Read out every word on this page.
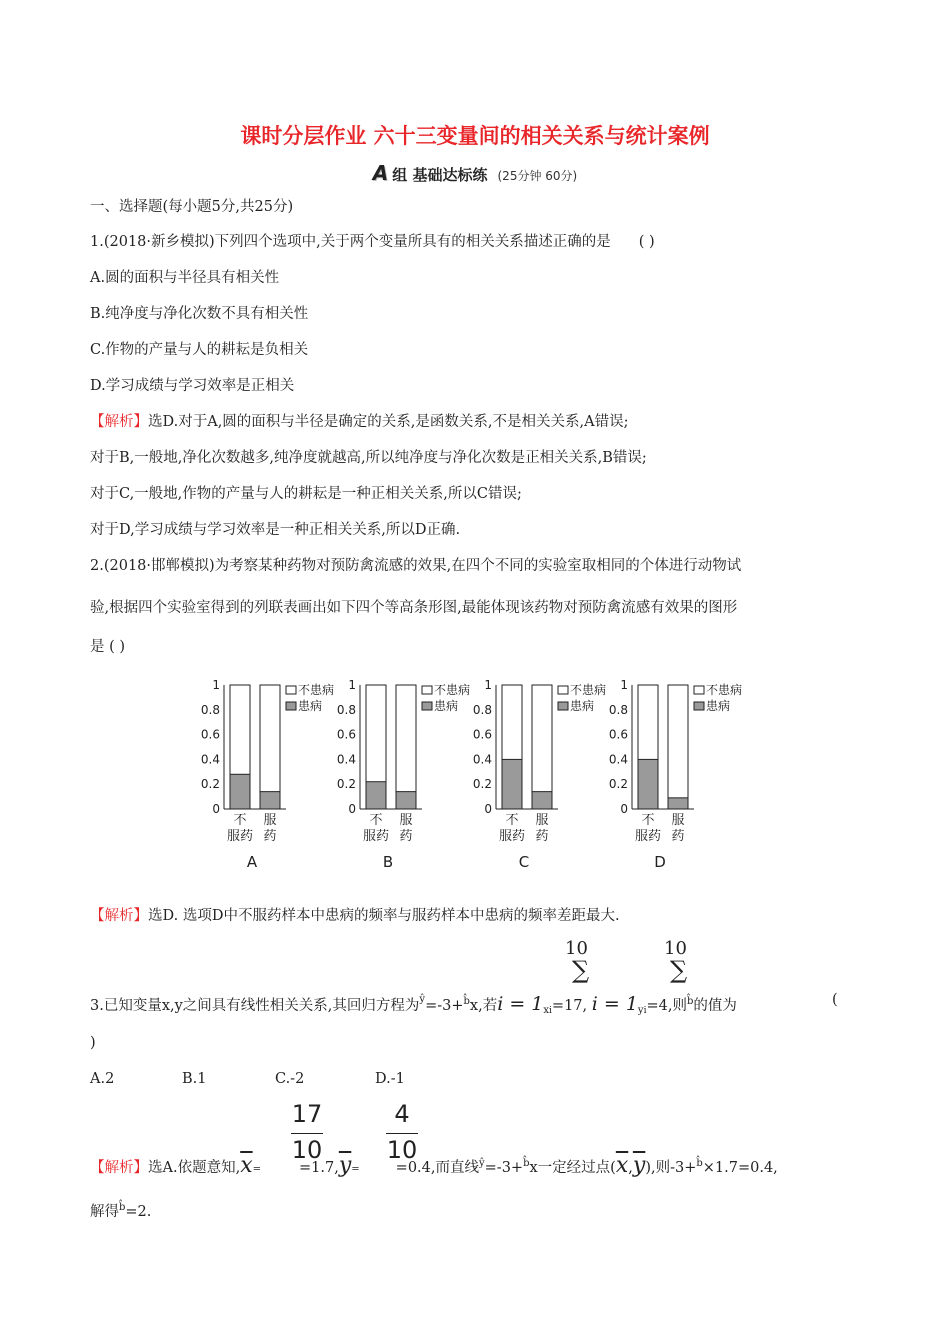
课时分层作业 六十三变量间的相关关系与统计案例
A 组 基础达标练 (25分钟 60分)
一、选择题(每小题5分,共25分)
1.(2018·新乡模拟)下列四个选项中,关于两个变量所具有的相关关系描述正确的是 ( )
A.圆的面积与半径具有相关性
B.纯净度与净化次数不具有相关性
C.作物的产量与人的耕耘是负相关
D.学习成绩与学习效率是正相关
【解析】选D.对于A,圆的面积与半径是确定的关系,是函数关系,不是相关关系,A错误;
对于B,一般地,净化次数越多,纯净度就越高,所以纯净度与净化次数是正相关关系,B错误;
对于C,一般地,作物的产量与人的耕耘是一种正相关关系,所以C错误;
对于D,学习成绩与学习效率是一种正相关关系,所以D正确.
2.(2018·邯郸模拟)为考察某种药物对预防禽流感的效果,在四个不同的实验室取相同的个体进行动物试
验,根据四个实验室得到的列联表画出如下四个等高条形图,最能体现该药物对预防禽流感有效果的图形
是 ( )
0
0.2
0.4
0.6
0.8
1
不
服药
服
药
不患病
患病
A
0
0.2
0.4
0.6
0.8
1
不
服药
服
药
不患病
患病
B
0
0.2
0.4
0.6
0.8
1
不
服药
服
药
不患病
患病
C
0
0.2
0.4
0.6
0.8
1
不
服药
服
药
不患病
患病
D
【解析】选D. 选项D中不服药样本中患病的频率与服药样本中患病的频率差距最大.
10
∑
10
∑
3.已知变量x,y之间具有线性相关关系,其回归方程为$^ŷ$=-3+$^{b̂}$x,若$i = 1_{xi}=17$, $i = 1_{yi}=4$,则$^{b̂}$的值为	(
)
A.2	B.1	C.-2	D.-1
17
10
4
10
【解析】选A.依题意知$,\overline{x}=$	$=1.7,\overline{y}= =0.4$,而直线$^ŷ$=-3+$^{b̂}$x一定经过点$(\overline{x},\overline{y})$,则-3+$^{b̂}$×1.7=0.4,
解得$^{b̂}$=2.
